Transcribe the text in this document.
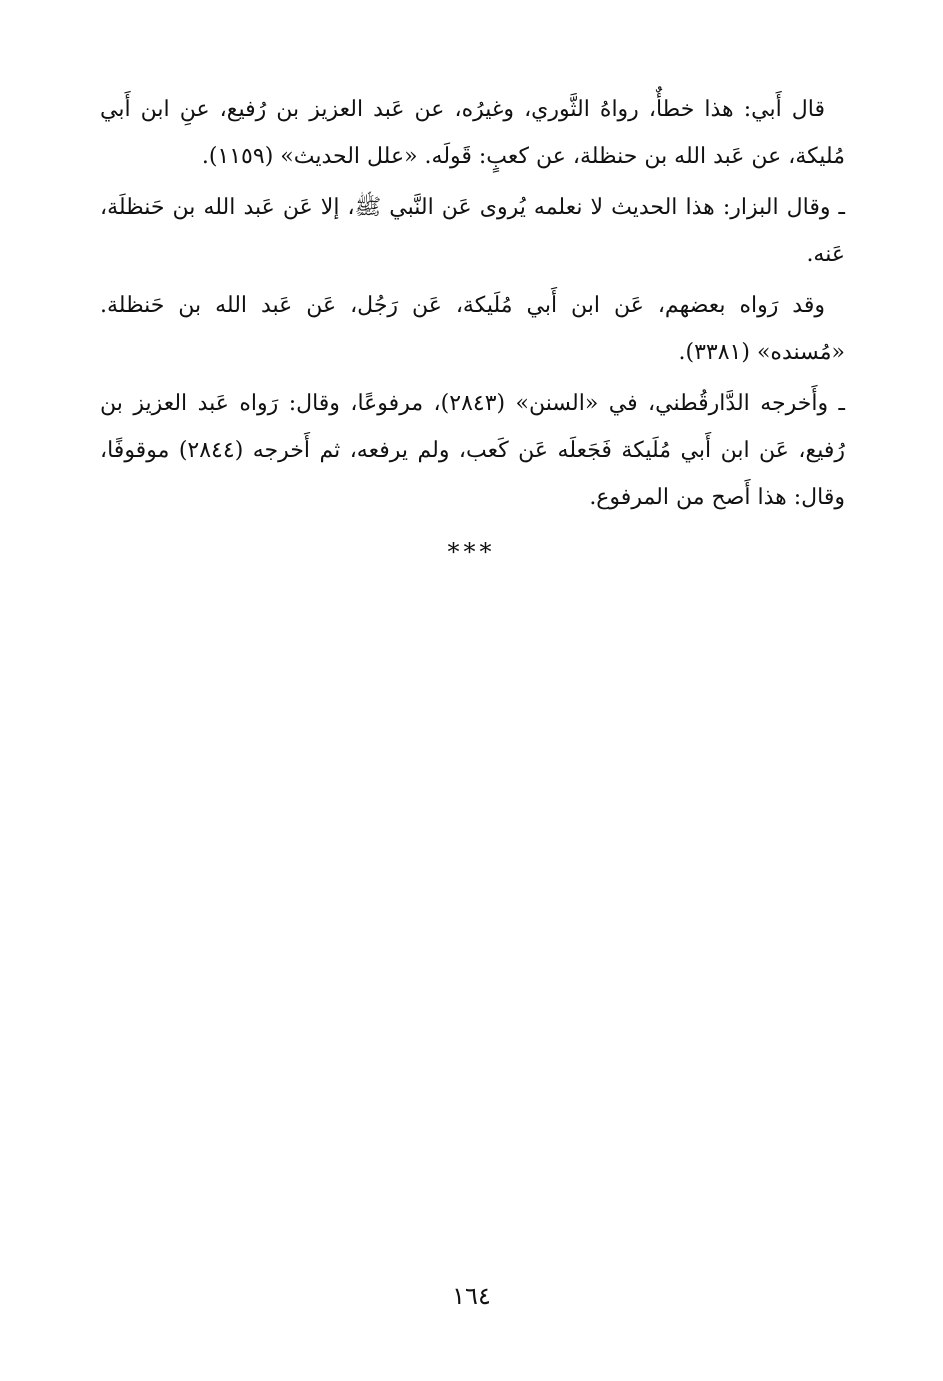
قال أَبي: هذا خطأٌ، رواهُ الثَّوري، وغيرُه، عن عَبد العزيز بن رُفيع، عنِ ابن أَبي مُليكة، عن عَبد الله بن حنظلة، عن كعبٍ: قَولَه. «علل الحديث» (١١٥٩).

ـ وقال البزار: هذا الحديث لا نعلمه يُروى عَن النَّبي ﷺ، إلا عَن عَبد الله بن حَنظلَة، عَنه.

وقد رَواه بعضهم، عَن ابن أَبي مُلَيكة، عَن رَجُل، عَن عَبد الله بن حَنظلة. «مُسنده» (٣٣٨١).

ـ وأَخرجه الدَّارقُطني، في «السنن» (٢٨٤٣)، مرفوعًا، وقال: رَواه عَبد العزيز بن رُفيع، عَن ابن أَبي مُلَيكة فَجَعلَه عَن كَعب، ولم يرفعه، ثم أَخرجه (٢٨٤٤) موقوفًا، وقال: هذا أَصح من المرفوع.

***
١٦٤
